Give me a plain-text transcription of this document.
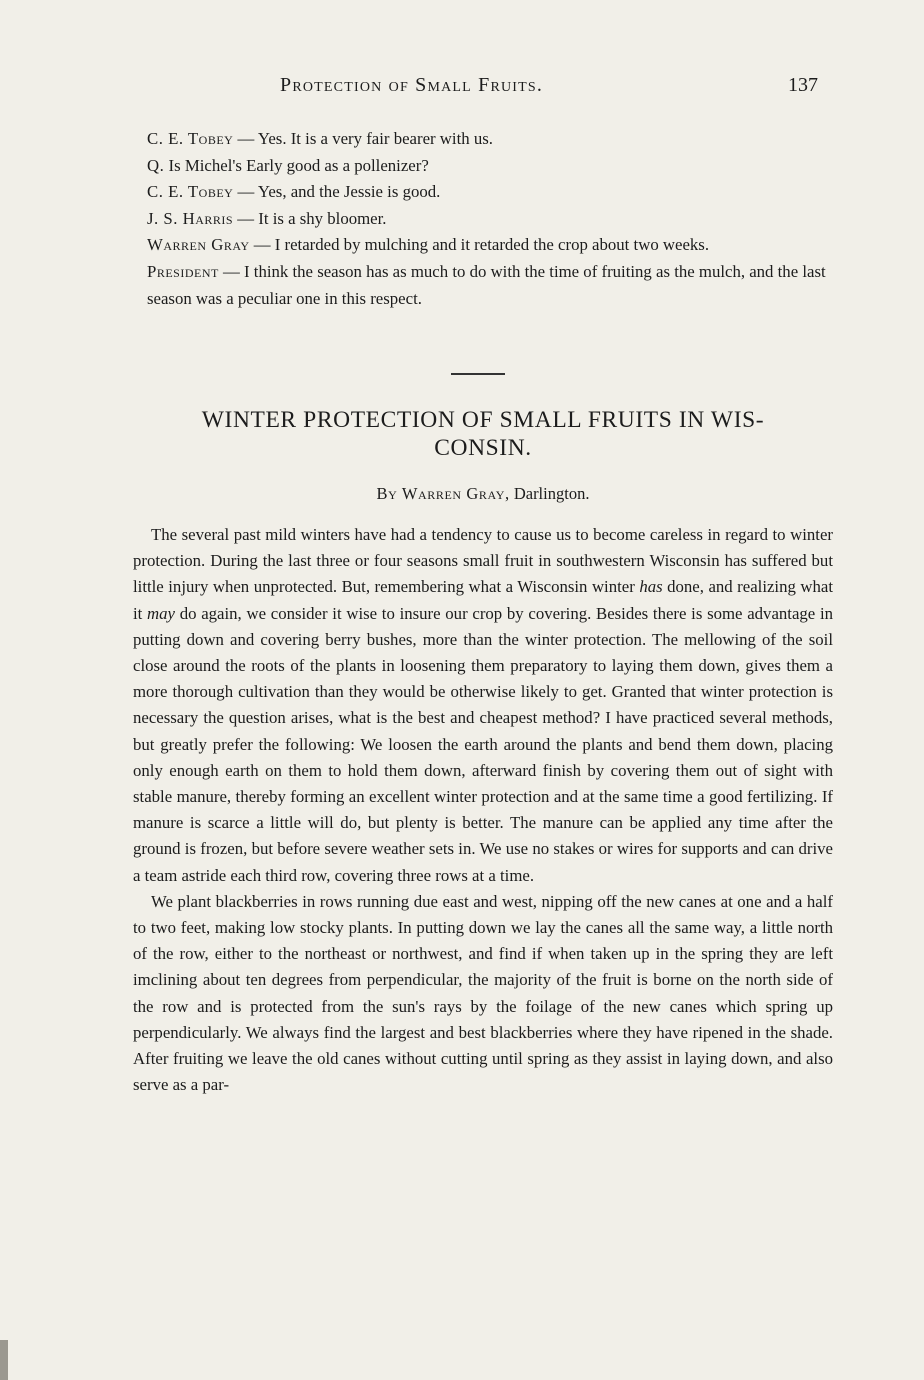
Protection of Small Fruits.	137

C. E. Tobey — Yes. It is a very fair bearer with us.

Q. Is Michel's Early good as a pollenizer?

C. E. Tobey — Yes, and the Jessie is good.

J. S. Harris — It is a shy bloomer.

Warren Gray — I retarded by mulching and it retarded the crop about two weeks.

President — I think the season has as much to do with the time of fruiting as the mulch, and the last season was a peculiar one in this respect.

WINTER PROTECTION OF SMALL FRUITS IN WIS-
CONSIN.
By Warren Gray, Darlington.

The several past mild winters have had a tendency to cause us to become careless in regard to winter protection. During the last three or four seasons small fruit in southwestern Wisconsin has suffered but little injury when unprotected. But, remembering what a Wisconsin winter has done, and realizing what it may do again, we consider it wise to insure our crop by covering. Besides there is some advantage in putting down and covering berry bushes, more than the winter protection. The mellowing of the soil close around the roots of the plants in loosening them preparatory to laying them down, gives them a more thorough cultivation than they would be otherwise likely to get. Granted that winter protection is necessary the question arises, what is the best and cheapest method? I have practiced several methods, but greatly prefer the following: We loosen the earth around the plants and bend them down, placing only enough earth on them to hold them down, afterward finish by covering them out of sight with stable manure, thereby forming an excellent winter protection and at the same time a good fertilizing. If manure is scarce a little will do, but plenty is better. The manure can be applied any time after the ground is frozen, but before severe weather sets in. We use no stakes or wires for supports and can drive a team astride each third row, covering three rows at a time.

We plant blackberries in rows running due east and west, nipping off the new canes at one and a half to two feet, making low stocky plants. In putting down we lay the canes all the same way, a little north of the row, either to the northeast or northwest, and find if when taken up in the spring they are left imclining about ten degrees from perpendicular, the majority of the fruit is borne on the north side of the row and is protected from the sun's rays by the foilage of the new canes which spring up perpendicularly. We always find the largest and best blackberries where they have ripened in the shade. After fruiting we leave the old canes without cutting until spring as they assist in laying down, and also serve as a par-
